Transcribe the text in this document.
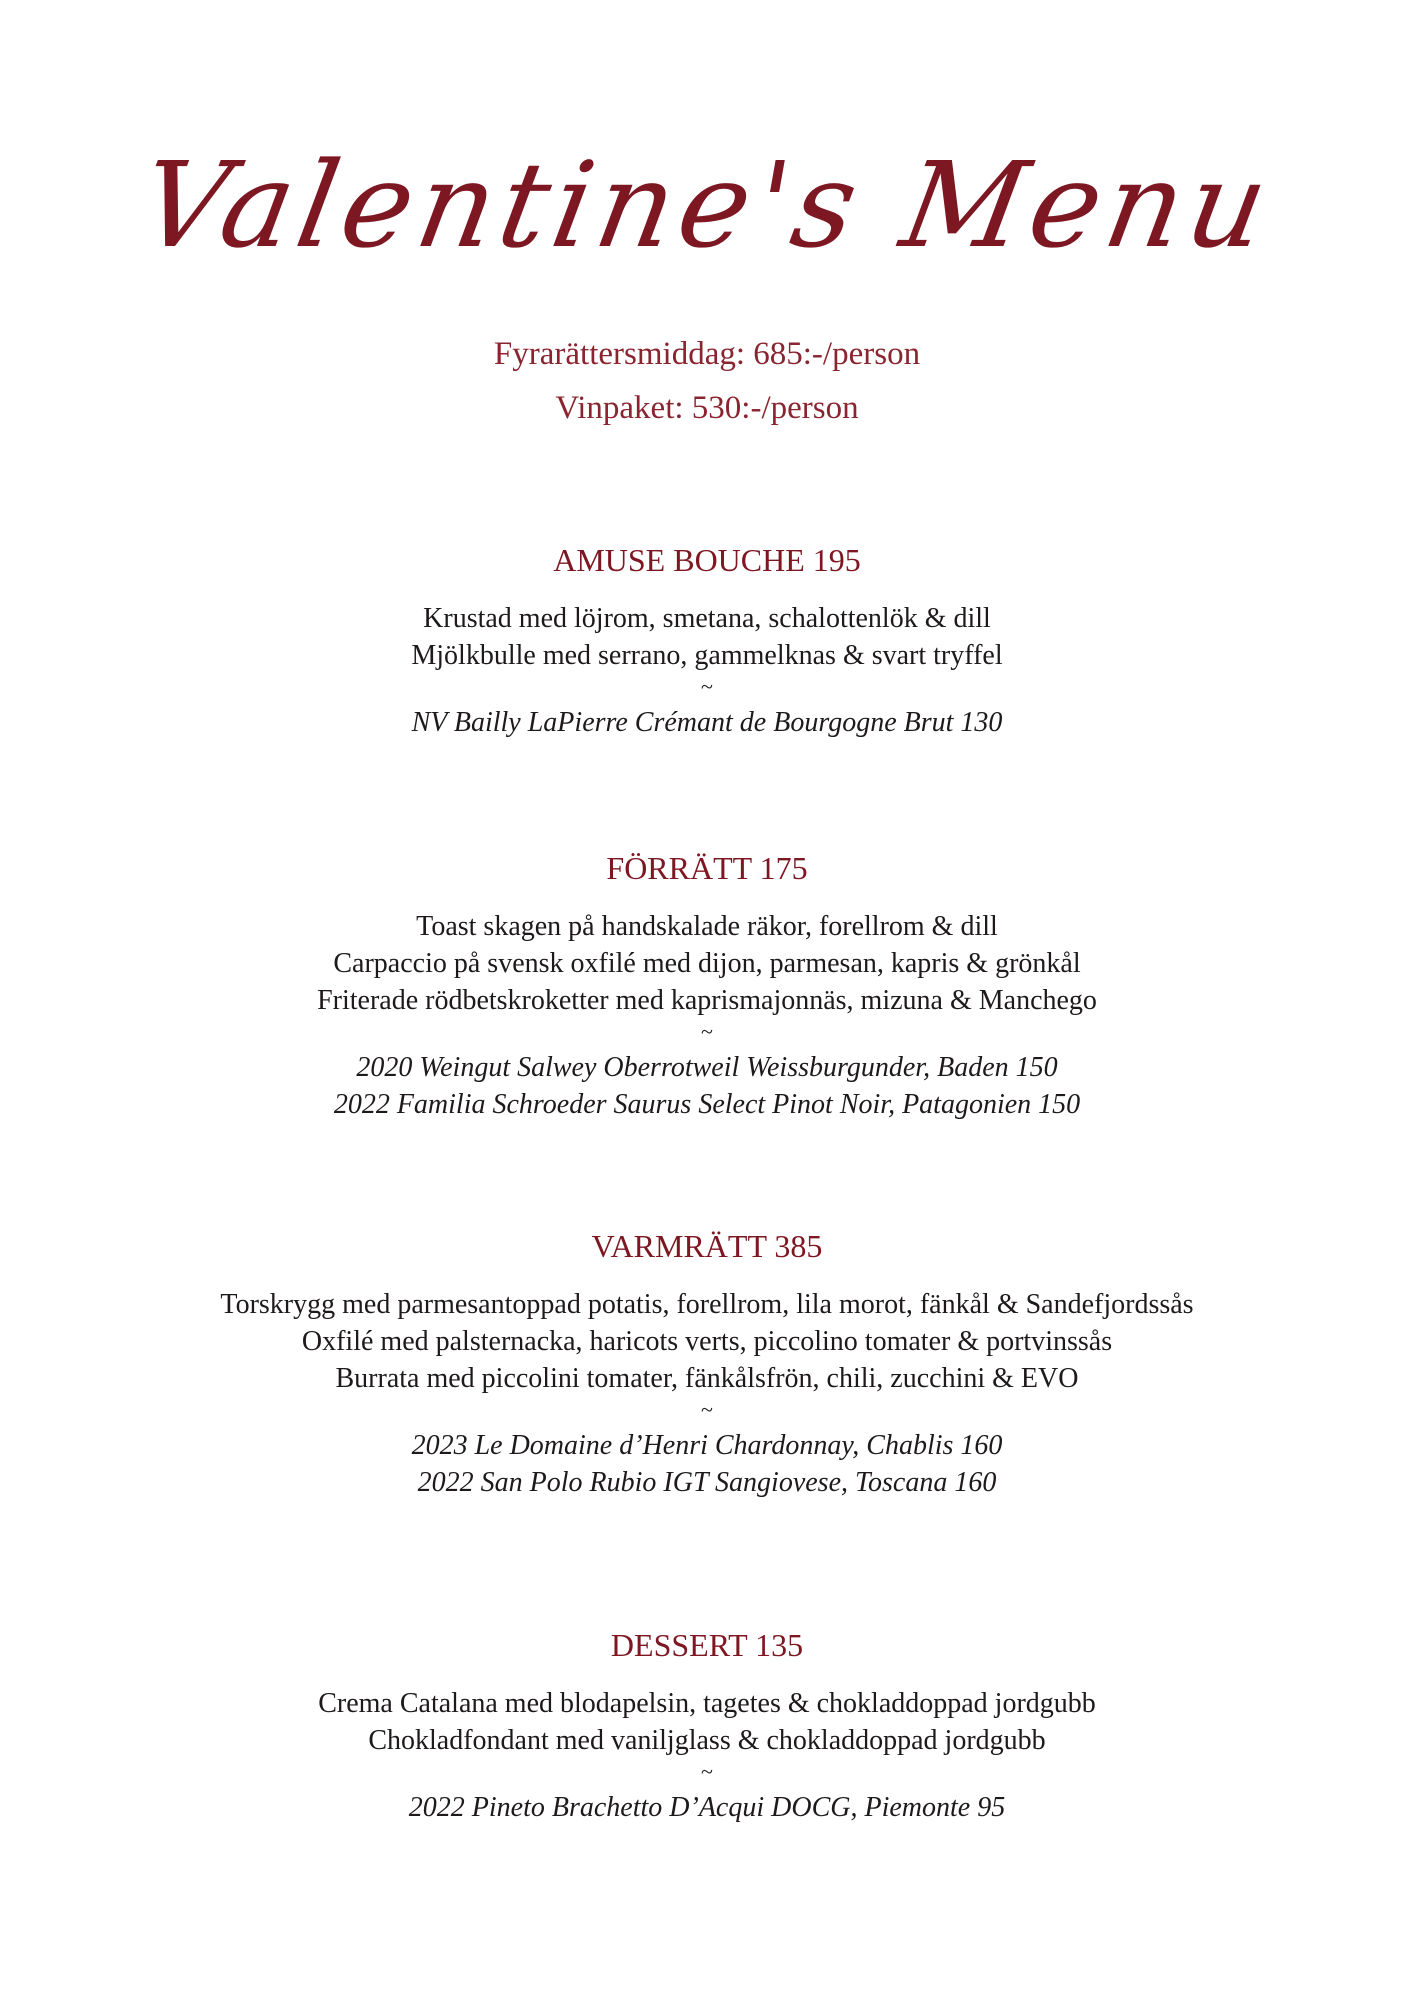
Valentine's Menu
Fyrarättersmiddag: 685:-/person
Vinpaket: 530:-/person
AMUSE BOUCHE 195

Krustad med löjrom, smetana, schalottenlök & dill

Mjölkbulle med serrano, gammelknas & svart tryffel

~

NV Bailly LaPierre Crémant de Bourgogne Brut 130

FÖRRÄTT 175

Toast skagen på handskalade räkor, forellrom & dill

Carpaccio på svensk oxfilé med dijon, parmesan, kapris & grönkål

Friterade rödbetskroketter med kaprismajonnäs, mizuna & Manchego

~

2020 Weingut Salwey Oberrotweil Weissburgunder, Baden 150

2022 Familia Schroeder Saurus Select Pinot Noir, Patagonien 150

VARMRÄTT 385

Torskrygg med parmesantoppad potatis, forellrom, lila morot, fänkål & Sandefjordssås

Oxfilé med palsternacka, haricots verts, piccolino tomater & portvinssås

Burrata med piccolini tomater, fänkålsfrön, chili, zucchini & EVO

~

2023 Le Domaine d’Henri Chardonnay, Chablis 160

2022 San Polo Rubio IGT Sangiovese, Toscana 160

DESSERT 135

Crema Catalana med blodapelsin, tagetes & chokladdoppad jordgubb

Chokladfondant med vaniljglass & chokladdoppad jordgubb

~

2022 Pineto Brachetto D’Acqui DOCG, Piemonte 95
